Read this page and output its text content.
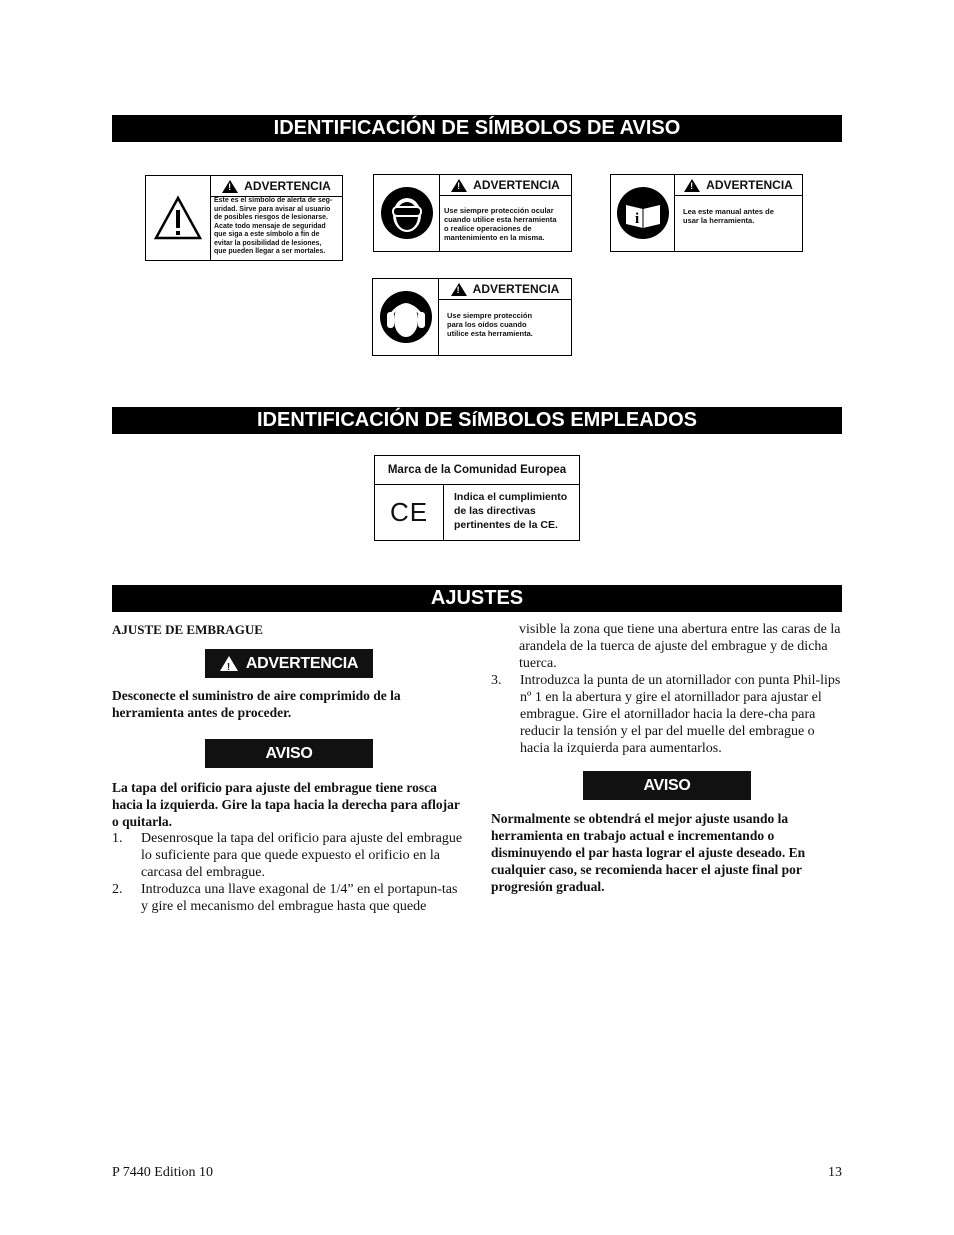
IDENTIFICACIÓN DE SÍMBOLOS DE AVISO
!
ADVERTENCIA
Este es el símbolo de alerta de seg-
uridad. Sirve para avisar al usuario
de posibles riesgos de lesionarse.
Acate todo mensaje de seguridad
que siga a este símbolo a fin de
evitar la posibilidad de lesiones,
que pueden llegar a ser mortales.
!
ADVERTENCIA
Use siempre protección ocular
cuando utilice esta herramienta
o realice operaciones de
mantenimiento en la misma.
i
!
ADVERTENCIA
Lea este manual antes de
usar la herramienta.
!
ADVERTENCIA
Use siempre protección
para los oídos cuando
utilice esta herramienta.
IDENTIFICACIÓN DE SíMBOLOS EMPLEADOS
Marca de la Comunidad Europea
CE Indica el cumplimiento
de las directivas
pertinentes de la CE.
AJUSTES
AJUSTE DE EMBRAGUE
!
ADVERTENCIA
Desconecte el suministro de aire comprimido de la herramienta antes de proceder.
AVISO
La tapa del orificio para ajuste del embrague tiene rosca hacia la izquierda. Gire la tapa hacia la derecha para aflojar o quitarla.
1.	Desenrosque la tapa del orificio para ajuste del embrague lo suficiente para que quede expuesto el orificio en la carcasa del embrague.
2.	Introduzca una llave exagonal de 1/4” en el portapun-tas y gire el mecanismo del embrague hasta que quede
visible la zona que tiene una abertura entre las caras de la arandela de la tuerca de ajuste del embrague y de dicha tuerca.
3.	Introduzca la punta de un atornillador con punta Phil-lips nº 1 en la abertura y gire el atornillador para ajustar el embrague. Gire el atornillador hacia la dere-cha para reducir la tensión y el par del muelle del embrague o hacia la izquierda para aumentarlos.
AVISO
Normalmente se obtendrá el mejor ajuste usando la herramienta en trabajo actual e incrementando o disminuyendo el par hasta lograr el ajuste deseado. En cualquier caso, se recomienda hacer el ajuste final por progresión gradual.
P 7440 Edition 10	13
